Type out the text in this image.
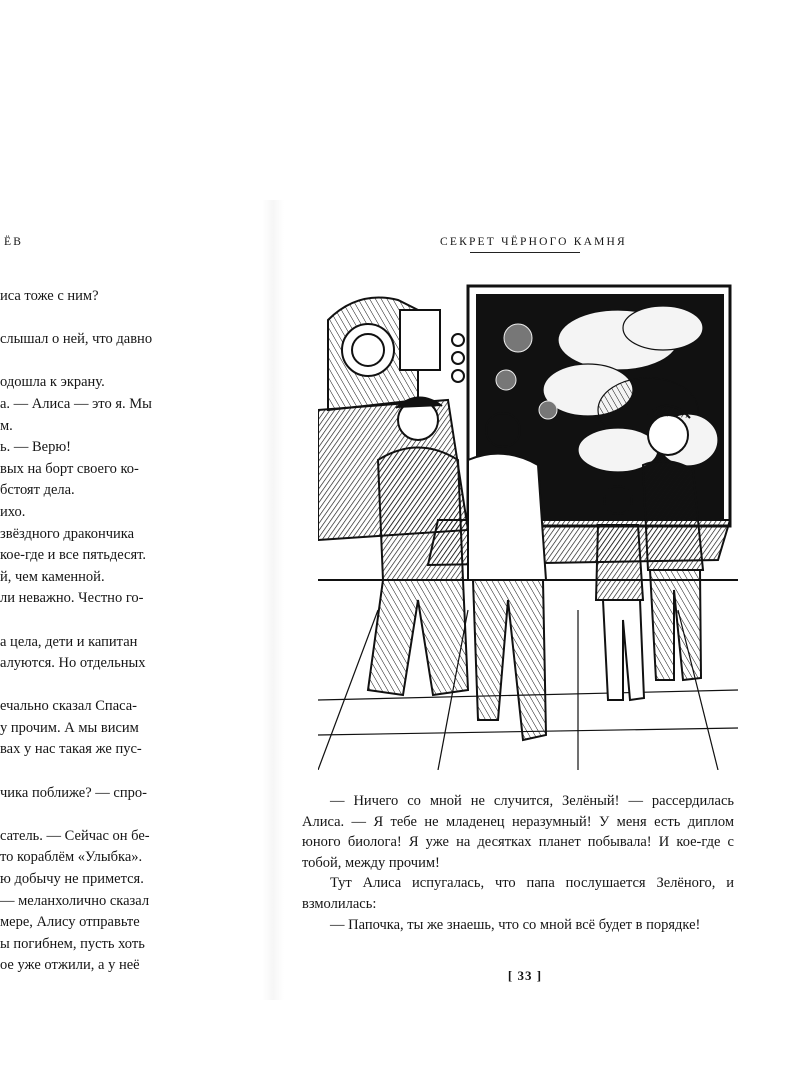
ЁВ
иса тоже с ним?
слышал о ней, что давно
одошла к экрану.
а. — Алиса — это я. Мы
м.
ь. — Верю!
вых на борт своего ко-
бстоят дела.
ихо.
звёздного дракончика
кое-где и все пятьдесят.
й, чем каменной.
ли неважно. Честно го-
а цела, дети и капитан
алуются. Но отдельных
ечально сказал Спаса-
у прочим. А мы висим
вах у нас такая же пус-
чика поближе? — спро-
сатель. — Сейчас он бе-
то кораблём «Улыбка».
ю добычу не примется.
— меланхолично сказал
мере, Алису отправьте
ы погибнем, пусть хоть
ое уже отжили, а у неё
СЕКРЕТ ЧЁРНОГО КАМНЯ

— Ничего со мной не случится, Зелёный! — рассердилась Алиса. — Я тебе не младенец неразумный! У меня есть диплом юного биолога! Я уже на десятках планет побывала! И кое-где с тобой, между прочим!

Тут Алиса испугалась, что папа послушается Зелёного, и взмолилась:

— Папочка, ты же знаешь, что со мной всё будет в порядке!

[ 33 ]
